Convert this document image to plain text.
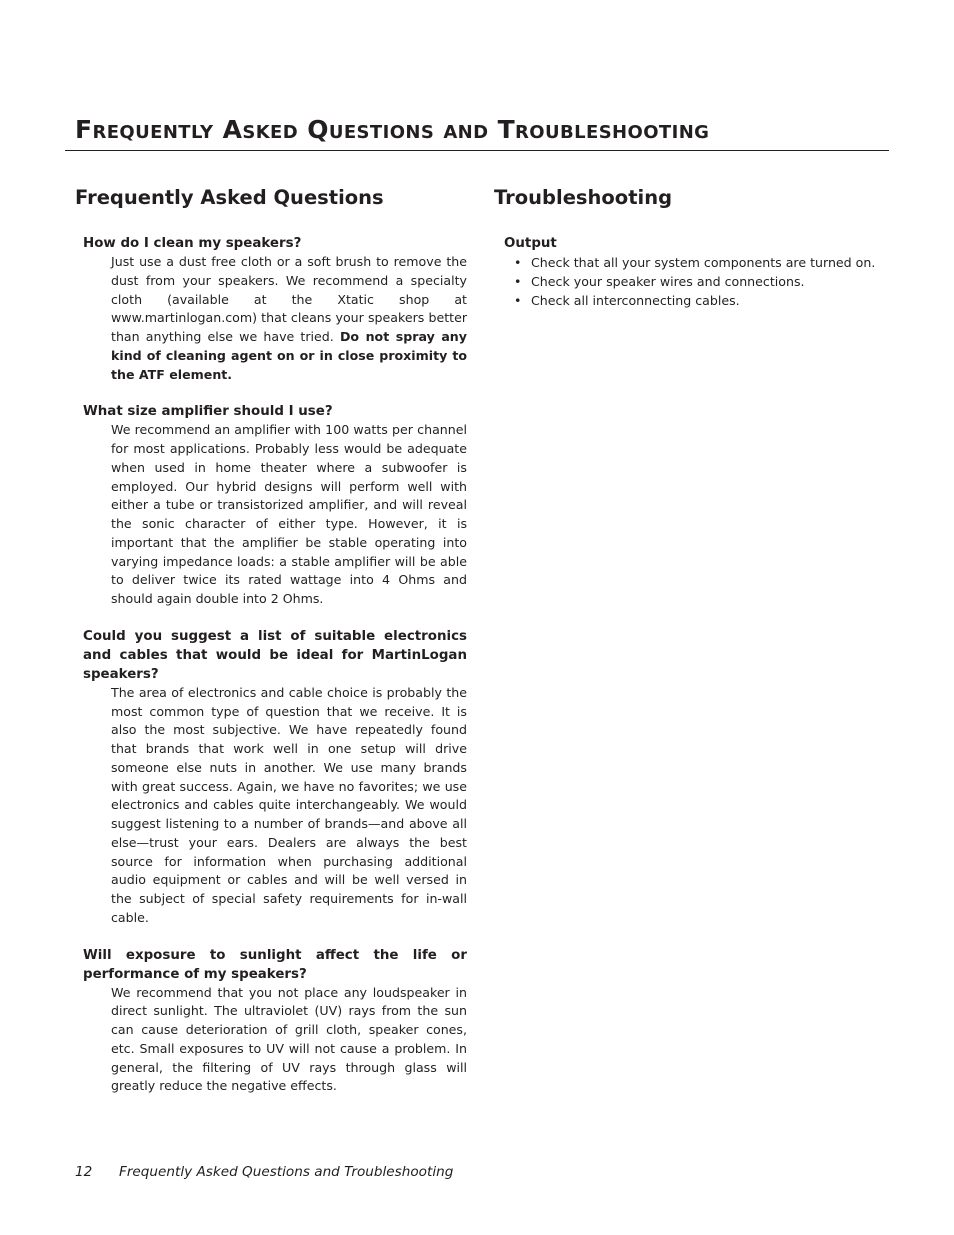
Frequently Asked Questions and Troubleshooting
Frequently Asked Questions

How do I clean my speakers?

Just use a dust free cloth or a soft brush to remove the dust from your speakers. We recommend a specialty cloth (available at the Xtatic shop at www.martinlogan.com) that cleans your speakers better than anything else we have tried. Do not spray any kind of cleaning agent on or in close proximity to the ATF element.

What size amplifier should I use?

We recommend an amplifier with 100 watts per channel for most applications. Probably less would be adequate when used in home theater where a subwoofer is employed. Our hybrid designs will perform well with either a tube or transistorized amplifier, and will reveal the sonic character of either type. However, it is important that the amplifier be stable operating into varying impedance loads: a stable amplifier will be able to deliver twice its rated wattage into 4 Ohms and should again double into 2 Ohms.

Could you suggest a list of suitable electronics and cables that would be ideal for MartinLogan speakers?

The area of electronics and cable choice is probably the most common type of question that we receive. It is also the most subjective. We have repeatedly found that brands that work well in one setup will drive someone else nuts in another. We use many brands with great success. Again, we have no favorites; we use electronics and cables quite interchangeably. We would suggest listening to a number of brands—and above all else—trust your ears. Dealers are always the best source for information when purchasing additional audio equipment or cables and will be well versed in the subject of special safety requirements for in-wall cable.

Will exposure to sunlight affect the life or performance of my speakers?

We recommend that you not place any loudspeaker in direct sunlight. The ultraviolet (UV) rays from the sun can cause deterioration of grill cloth, speaker cones, etc. Small exposures to UV will not cause a problem. In general, the filtering of UV rays through glass will greatly reduce the negative effects.

Troubleshooting

Output

• Check that all your system components are turned on.
• Check your speaker wires and connections.
• Check all interconnecting cables.
12 Frequently Asked Questions and Troubleshooting
